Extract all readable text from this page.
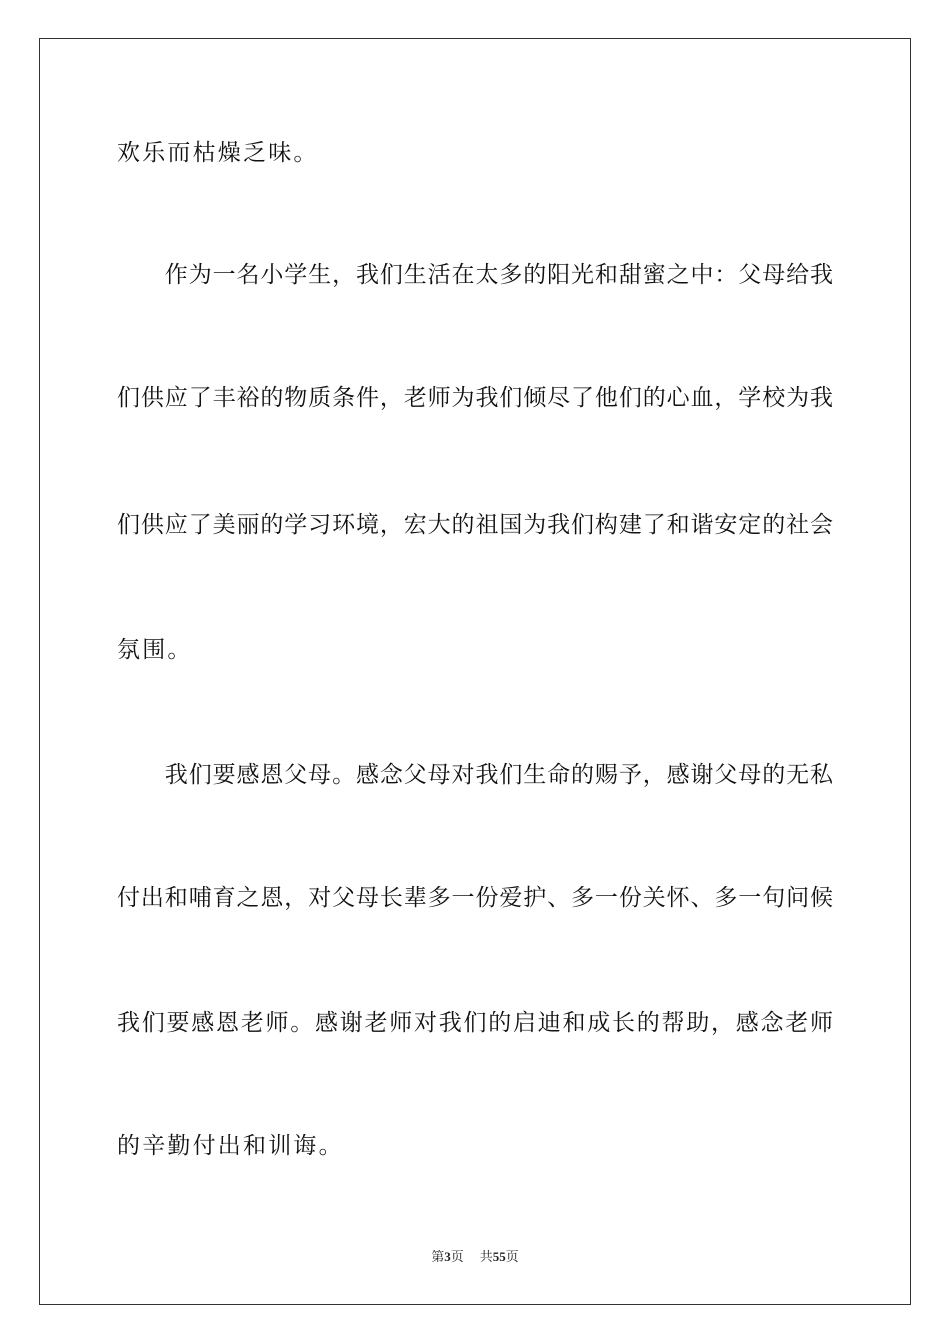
欢乐而枯燥乏味。
　　作为一名小学生，我们生活在太多的阳光和甜蜜之中：父母给我
们供应了丰裕的物质条件，老师为我们倾尽了他们的心血，学校为我
们供应了美丽的学习环境，宏大的祖国为我们构建了和谐安定的社会
氛围。
　　我们要感恩父母。感念父母对我们生命的赐予，感谢父母的无私
付出和哺育之恩，对父母长辈多一份爱护、多一份关怀、多一句问候
我们要感恩老师。感谢老师对我们的启迪和成长的帮助，感念老师
的辛勤付出和训诲。
第3页 共55页
